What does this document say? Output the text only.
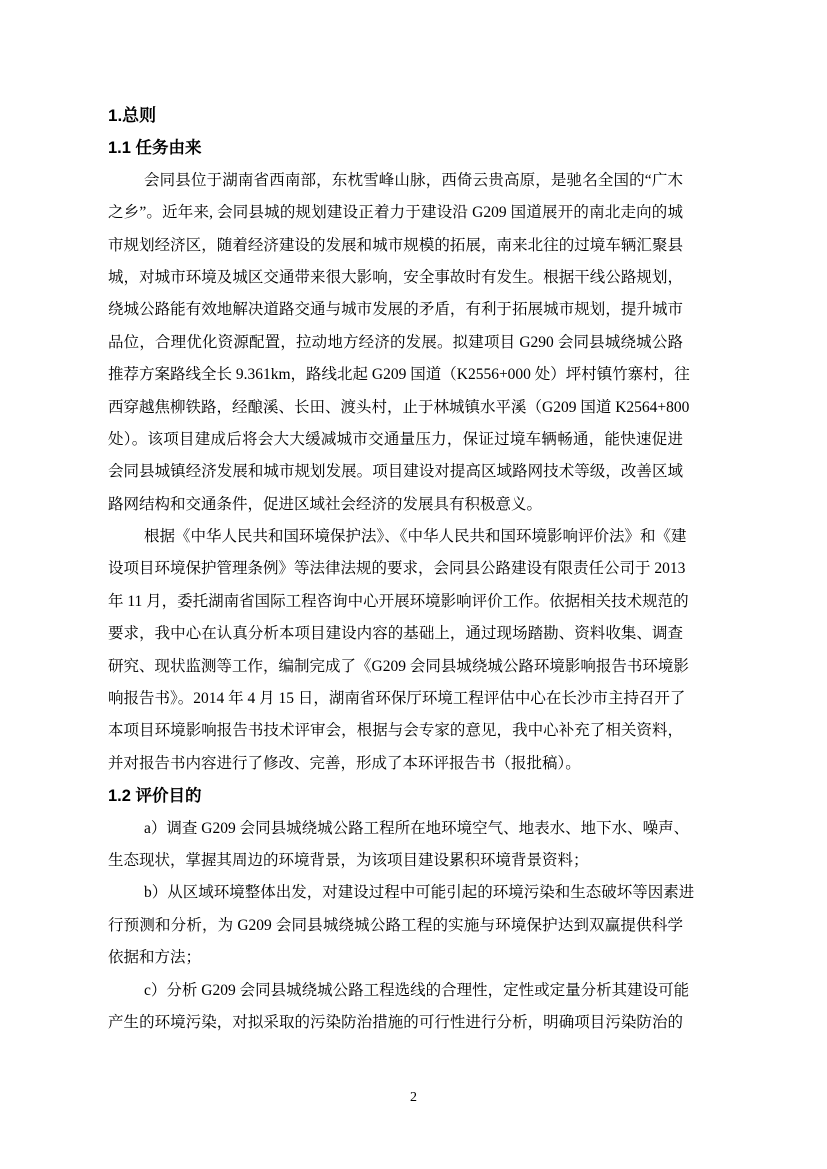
1.总则
1.1 任务由来
会同县位于湖南省西南部，东枕雪峰山脉，西倚云贵高原，是驰名全国的“广木
之乡”。近年来, 会同县城的规划建设正着力于建设沿 G209 国道展开的南北走向的城
市规划经济区，随着经济建设的发展和城市规模的拓展，南来北往的过境车辆汇聚县
城，对城市环境及城区交通带来很大影响，安全事故时有发生。根据干线公路规划，
绕城公路能有效地解决道路交通与城市发展的矛盾，有利于拓展城市规划，提升城市
品位，合理优化资源配置，拉动地方经济的发展。拟建项目 G290 会同县城绕城公路
推荐方案路线全长 9.361km，路线北起 G209 国道（K2556+000 处）坪村镇竹寨村，往
西穿越焦柳铁路，经酿溪、长田、渡头村，止于林城镇水平溪（G209 国道 K2564+800
处）。该项目建成后将会大大缓减城市交通量压力，保证过境车辆畅通，能快速促进
会同县城镇经济发展和城市规划发展。项目建设对提高区域路网技术等级，改善区域
路网结构和交通条件，促进区域社会经济的发展具有积极意义。
根据《中华人民共和国环境保护法》、《中华人民共和国环境影响评价法》和《建
设项目环境保护管理条例》等法律法规的要求，会同县公路建设有限责任公司于 2013
年 11 月，委托湖南省国际工程咨询中心开展环境影响评价工作。依据相关技术规范的
要求，我中心在认真分析本项目建设内容的基础上，通过现场踏勘、资料收集、调查
研究、现状监测等工作，编制完成了《G209 会同县城绕城公路环境影响报告书环境影
响报告书》。2014 年 4 月 15 日，湖南省环保厅环境工程评估中心在长沙市主持召开了
本项目环境影响报告书技术评审会，根据与会专家的意见，我中心补充了相关资料，
并对报告书内容进行了修改、完善，形成了本环评报告书（报批稿）。
1.2 评价目的
a）调查 G209 会同县城绕城公路工程所在地环境空气、地表水、地下水、噪声、
生态现状，掌握其周边的环境背景，为该项目建设累积环境背景资料；
b）从区域环境整体出发，对建设过程中可能引起的环境污染和生态破坏等因素进
行预测和分析，为 G209 会同县城绕城公路工程的实施与环境保护达到双赢提供科学
依据和方法；
c）分析 G209 会同县城绕城公路工程选线的合理性，定性或定量分析其建设可能
产生的环境污染，对拟采取的污染防治措施的可行性进行分析，明确项目污染防治的
2
